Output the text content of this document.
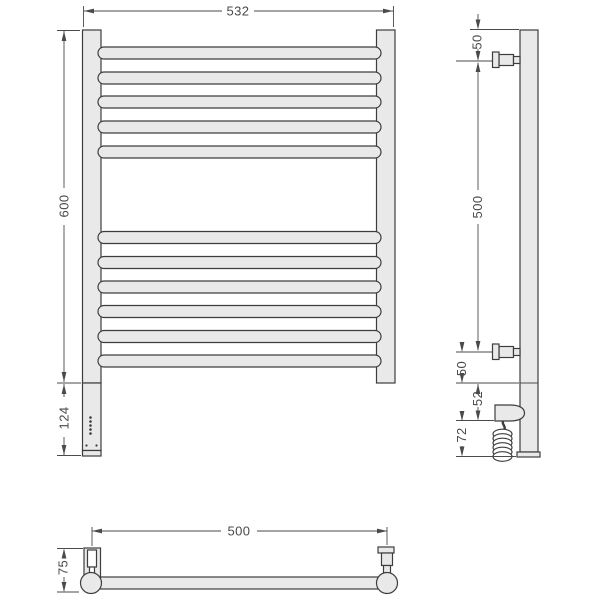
532
600
124
50
500
50
52
72
500
75
